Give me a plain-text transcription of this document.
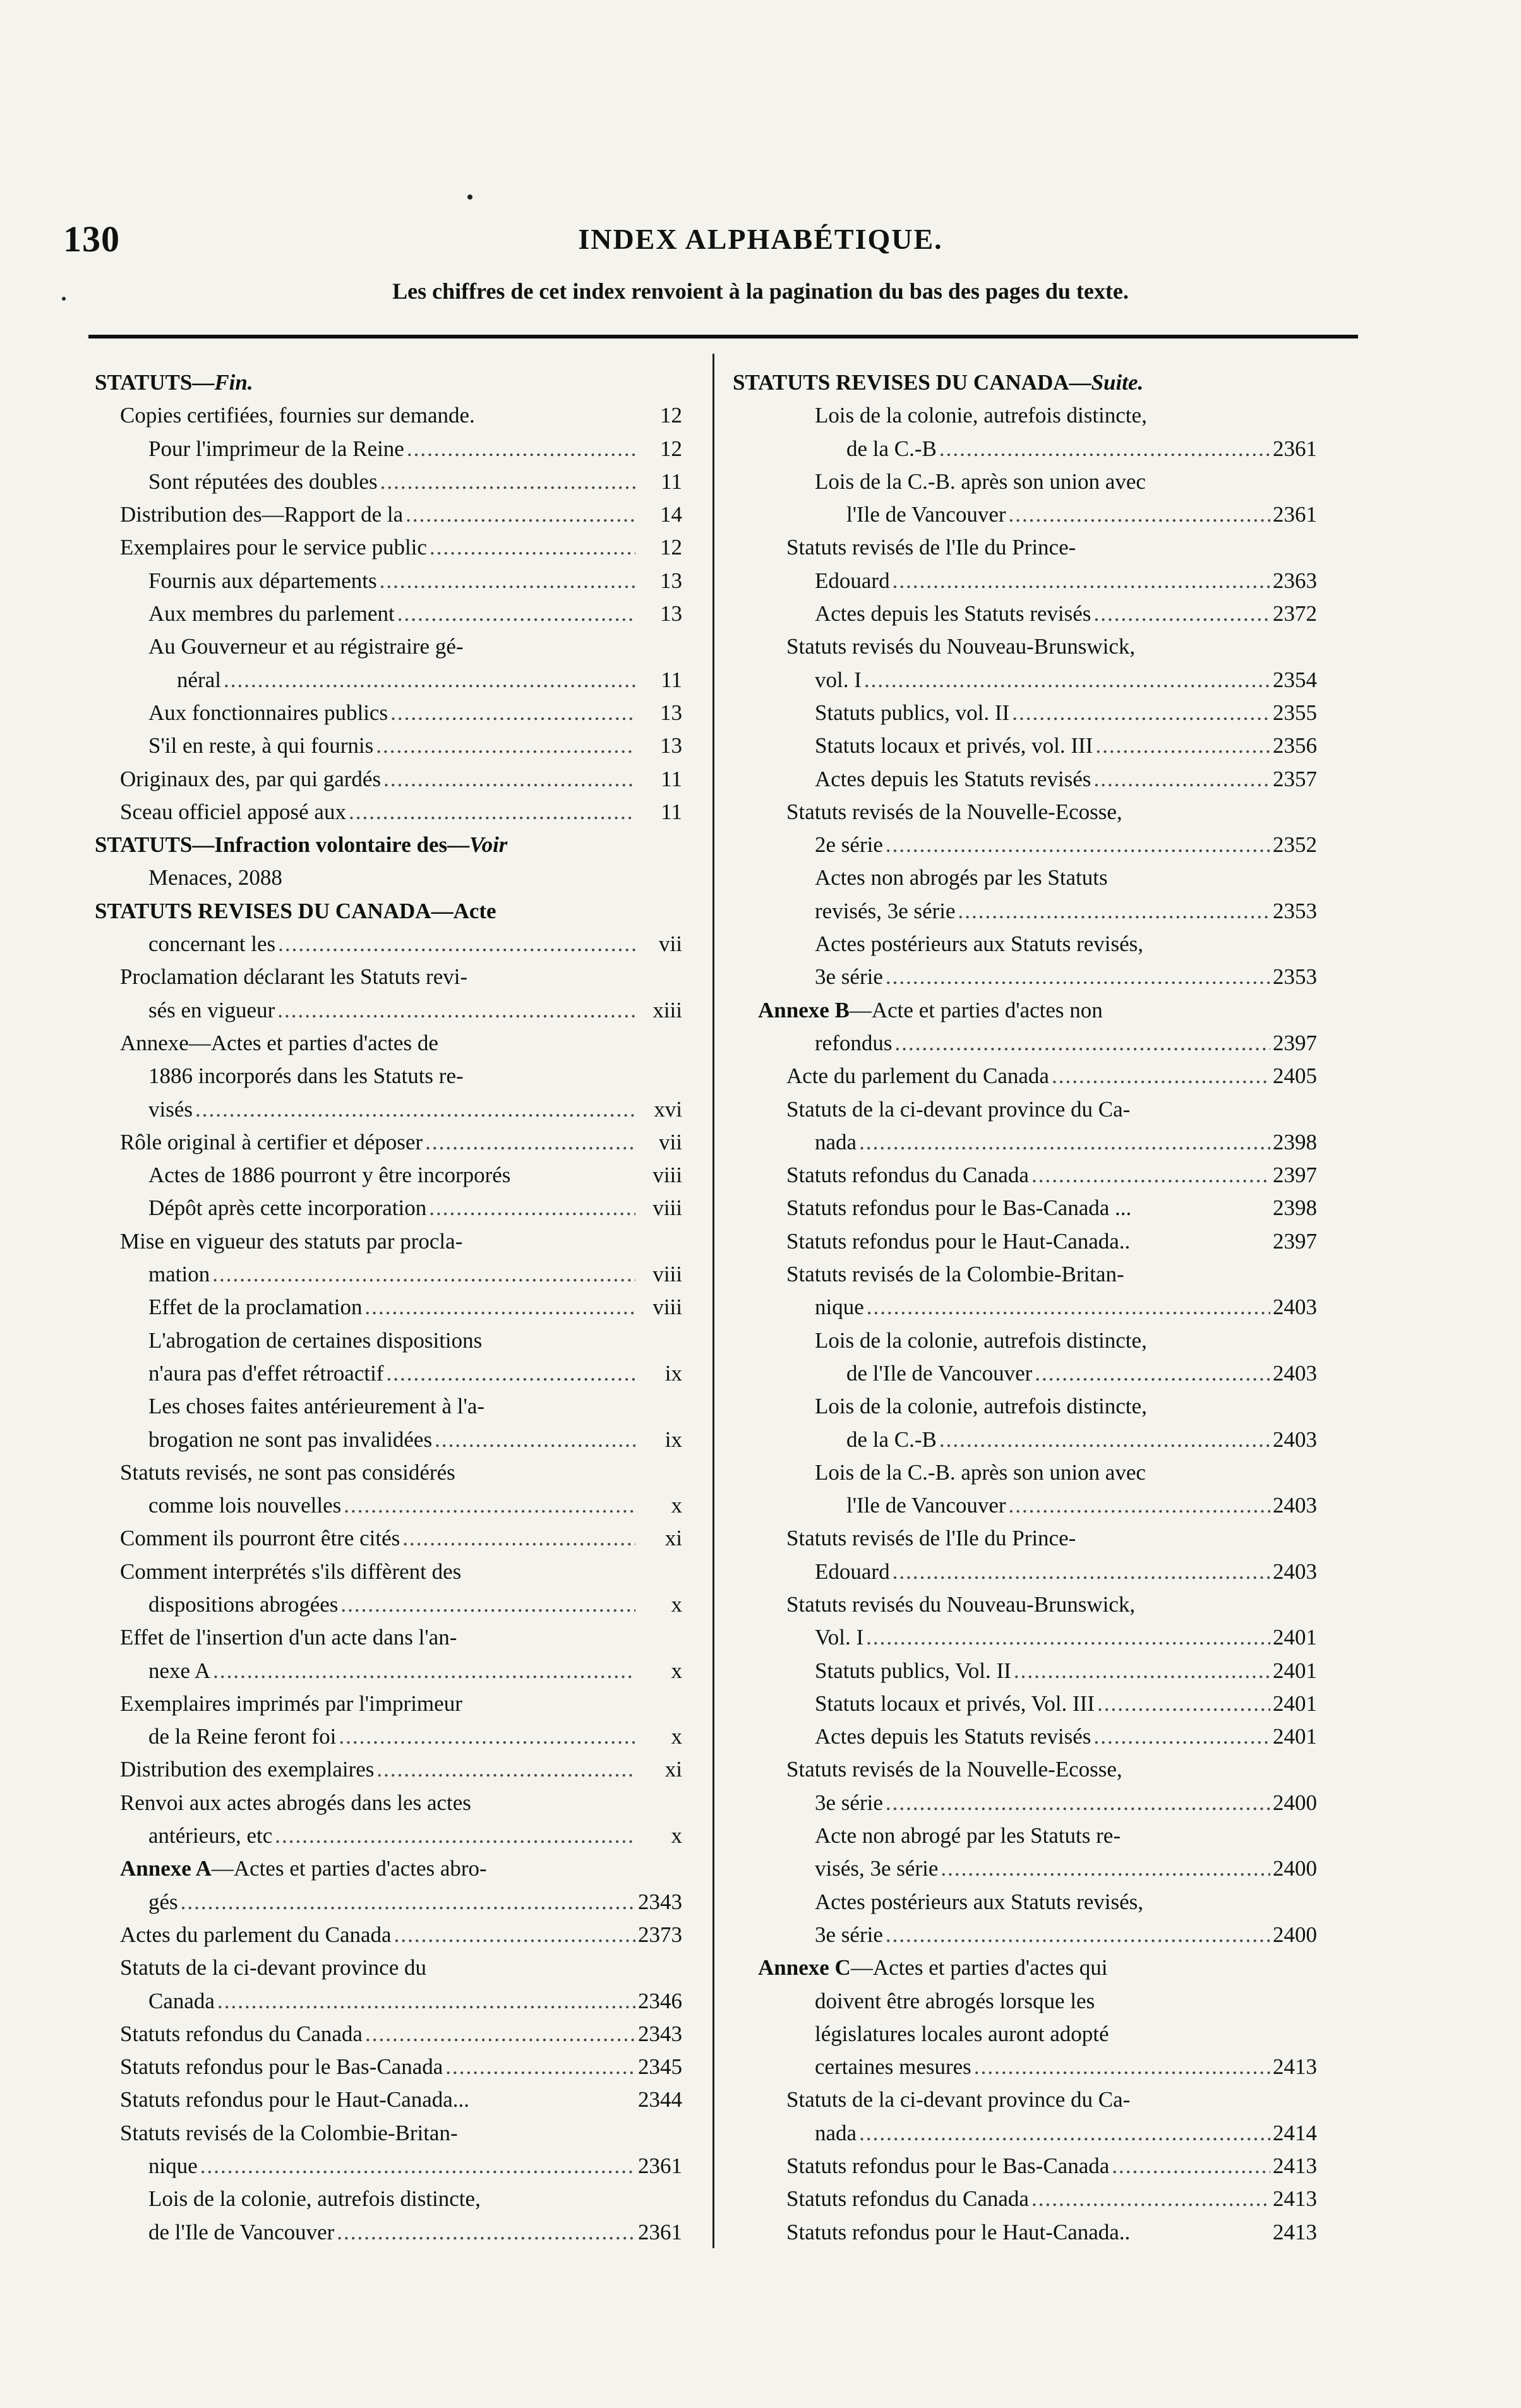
130	INDEX ALPHABÉTIQUE.
Les chiffres de cet index renvoient à la pagination du bas des pages du texte.
STATUTS—Fin.
Copies certifiées, fournies sur demande.	12
Pour l'imprimeur de la Reine .....	12
Sont réputées des doubles .....	11
Distribution des—Rapport de la .....	14
Exemplaires pour le service public .....	12
Fournis aux départements .....	13
Aux membres du parlement .....	13
Au Gouverneur et au régistraire gé-
néral .....	11
Aux fonctionnaires publics .....	13
S'il en reste, à qui fournis .....	13
Originaux des, par qui gardés .....	11
Sceau officiel apposé aux .....	11
STATUTS—Infraction volontaire des—Voir
Menaces, 2088
STATUTS REVISES DU CANADA—Acte
concernant les .....	vii
Proclamation déclarant les Statuts revi-
sés en vigueur .....	xiii
Annexe—Actes et parties d'actes de
1886 incorporés dans les Statuts re-
visés .....	xvi
Rôle original à certifier et déposer .....	vii
Actes de 1886 pourront y être incorporés	viii
Dépôt après cette incorporation .....	viii
Mise en vigueur des statuts par procla-
mation .....	viii
Effet de la proclamation .....	viii
L'abrogation de certaines dispositions
n'aura pas d'effet rétroactif .....	ix
Les choses faites antérieurement à l'a-
brogation ne sont pas invalidées .....	ix
Statuts revisés, ne sont pas considérés
comme lois nouvelles .....	x
Comment ils pourront être cités .....	xi
Comment interprétés s'ils diffèrent des
dispositions abrogées .....	x
Effet de l'insertion d'un acte dans l'an-
nexe A .....	x
Exemplaires imprimés par l'imprimeur
de la Reine feront foi .....	x
Distribution des exemplaires .....	xi
Renvoi aux actes abrogés dans les actes
antérieurs, etc .....	x
Annexe A—Actes et parties d'actes abro-
gés .....	2343
Actes du parlement du Canada .....	2373
Statuts de la ci-devant province du
Canada .....	2346
Statuts refondus du Canada .....	2343
Statuts refondus pour le Bas-Canada .....	2345
Statuts refondus pour le Haut-Canada...	2344
Statuts revisés de la Colombie-Britan-
nique .....	2361
Lois de la colonie, autrefois distincte,
de l'Ile de Vancouver .....	2361
STATUTS REVISES DU CANADA—Suite.
Lois de la colonie, autrefois distincte,
de la C.-B .....	2361
Lois de la C.-B. après son union avec
l'Ile de Vancouver .....	2361
Statuts revisés de l'Ile du Prince-
Edouard .....	2363
Actes depuis les Statuts revisés .....	2372
Statuts revisés du Nouveau-Brunswick,
vol. I .....	2354
Statuts publics, vol. II .....	2355
Statuts locaux et privés, vol. III .....	2356
Actes depuis les Statuts revisés .....	2357
Statuts revisés de la Nouvelle-Ecosse,
2e série .....	2352
Actes non abrogés par les Statuts
revisés, 3e série .....	2353
Actes postérieurs aux Statuts revisés,
3e série .....	2353
Annexe B—Acte et parties d'actes non
refondus .....	2397
Acte du parlement du Canada .....	2405
Statuts de la ci-devant province du Ca-
nada .....	2398
Statuts refondus du Canada .....	2397
Statuts refondus pour le Bas-Canada ...	2398
Statuts refondus pour le Haut-Canada..	2397
Statuts revisés de la Colombie-Britan-
nique .....	2403
Lois de la colonie, autrefois distincte,
de l'Ile de Vancouver .....	2403
Lois de la colonie, autrefois distincte,
de la C.-B .....	2403
Lois de la C.-B. après son union avec
l'Ile de Vancouver .....	2403
Statuts revisés de l'Ile du Prince-
Edouard .....	2403
Statuts revisés du Nouveau-Brunswick,
Vol. I .....	2401
Statuts publics, Vol. II .....	2401
Statuts locaux et privés, Vol. III .....	2401
Actes depuis les Statuts revisés .....	2401
Statuts revisés de la Nouvelle-Ecosse,
3e série .....	2400
Acte non abrogé par les Statuts re-
visés, 3e série .....	2400
Actes postérieurs aux Statuts revisés,
3e série .....	2400
Annexe C—Actes et parties d'actes qui
doivent être abrogés lorsque les
législatures locales auront adopté
certaines mesures .....	2413
Statuts de la ci-devant province du Ca-
nada .....	2414
Statuts refondus pour le Bas-Canada .....	2413
Statuts refondus du Canada .....	2413
Statuts refondus pour le Haut-Canada..	2413
